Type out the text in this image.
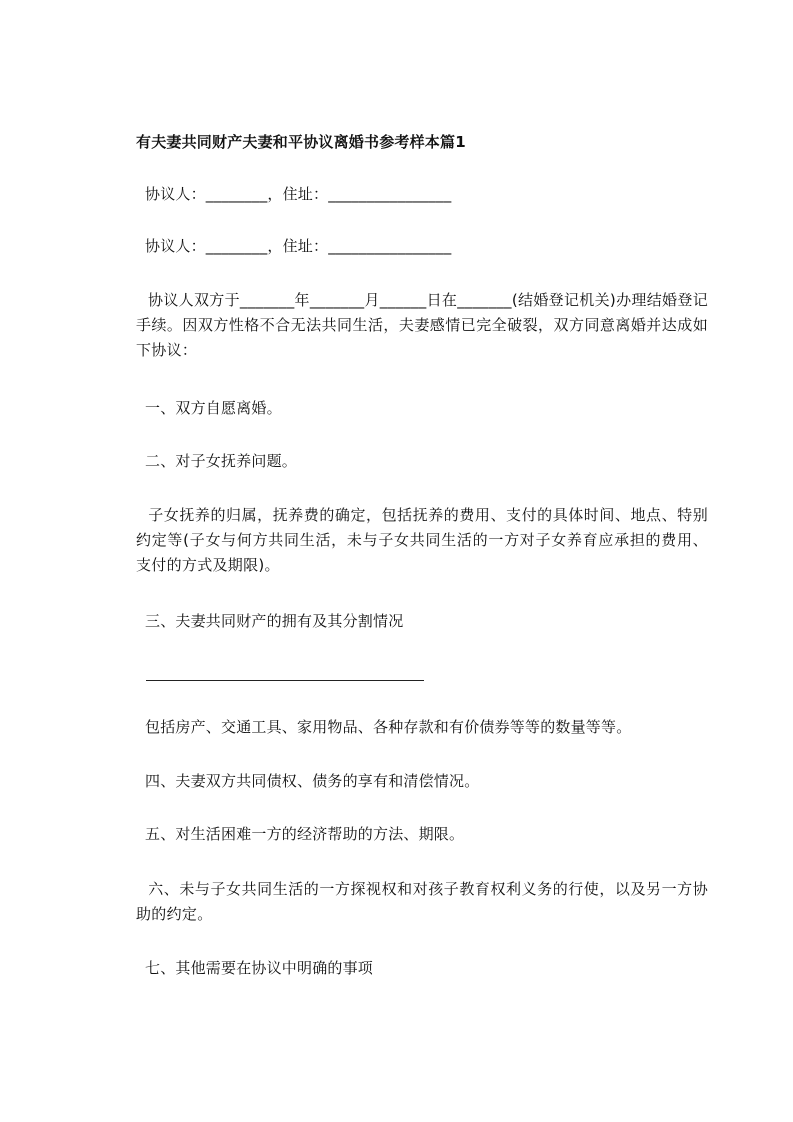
有夫妻共同财产夫妻和平协议离婚书参考样本篇1
协议人：________，住址：________________
协议人：________，住址：________________
协议人双方于_______年_______月______日在_______(结婚登记机关)办理结婚登记手续。因双方性格不合无法共同生活，夫妻感情已完全破裂，双方同意离婚并达成如下协议：
一、双方自愿离婚。
二、对子女抚养问题。
子女抚养的归属，抚养费的确定，包括抚养的费用、支付的具体时间、地点、特别约定等(子女与何方共同生活，未与子女共同生活的一方对子女养育应承担的费用、支付的方式及期限)。
三、夫妻共同财产的拥有及其分割情况
包括房产、交通工具、家用物品、各种存款和有价债券等等的数量等等。
四、夫妻双方共同债权、债务的享有和清偿情况。
五、对生活困难一方的经济帮助的方法、期限。
六、未与子女共同生活的一方探视权和对孩子教育权利义务的行使，以及另一方协助的约定。
七、其他需要在协议中明确的事项
